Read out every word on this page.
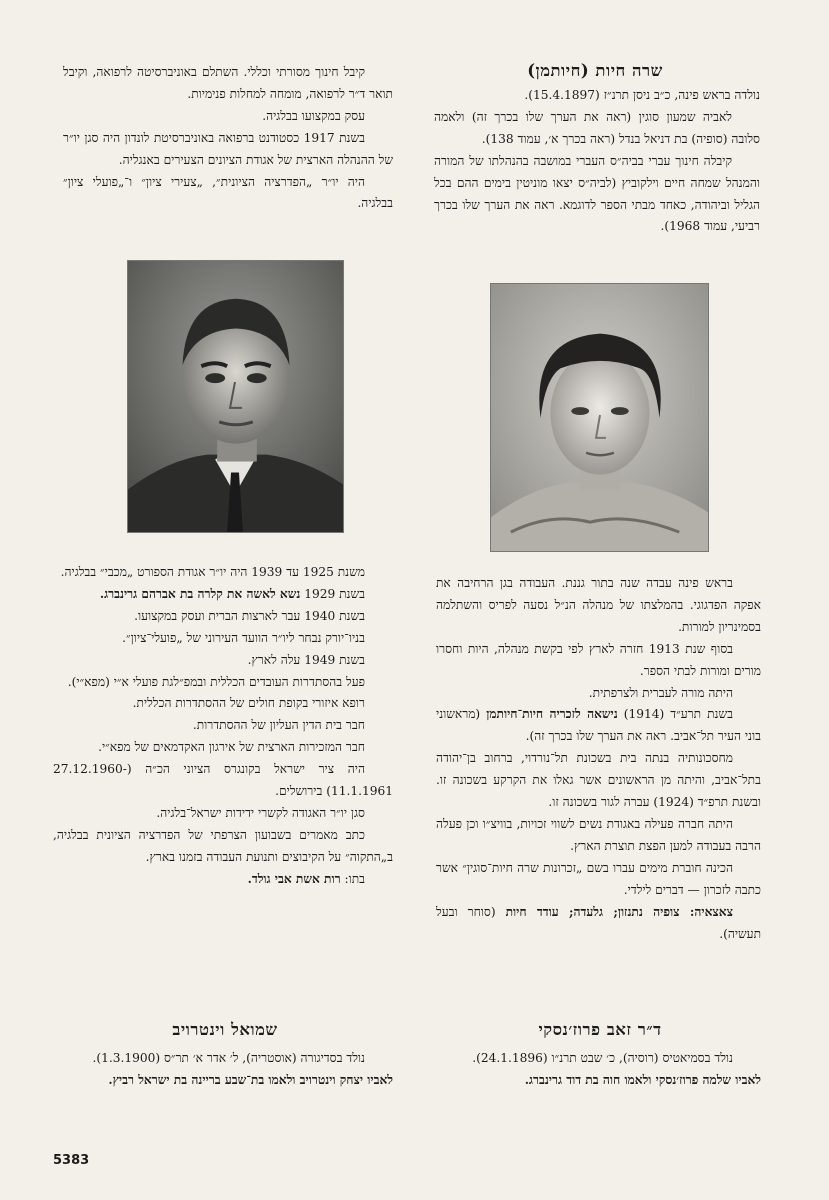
שרה חיות (חיותמן)

נולדה בראש פינה, כ״ב ניסן תרנ״ז (15.4.1897).

לאביה שמעון סוגין (ראה את הערך שלו בכרך זה) ולאמה סלובה (סופיה) בת דניאל בנדל (ראה בכרך א׳, עמוד 138).

קיבלה חינוך עברי בביה״ס העברי במושבה בהנהלתו של המורה והמנהל שמחה חיים וילקוביץ (לביה״ס יצאו מוניטין בימים ההם בכל הגליל וביהודה, כאחד מבתי הספר לדוגמא. ראה את הערך שלו בכרך רביעי, עמוד 1968).

קיבל חינוך מסורתי וכללי. השתלם באוניברסיטה לרפואה, וקיבל תואר ד״ר לרפואה, מומחה למחלות פנימיות.

עסק במקצועו בבלגיה.

בשנת 1917 כסטודנט ברפואה באוניברסיטת לונדון היה סגן יו״ר של ההנהלה הארצית של אגודת הציונים הצעירים באנגליה.

היה יו״ר „הפדרציה הציונית״, „צעירי ציון״ ו־„פועלי ציון״ בבלגיה.

בראש פינה עבדה שנה בתור גננת. העבודה בגן הרחיבה את אפקה הפדגוגי. בהמלצתו של מנהלה הנ״ל נסעה לפריס והשתלמה בסמינריון למורות.

בסוף שנת 1913 חזרה לארץ לפי בקשת מנהלה, היות וחסרו מורים ומורות לבתי הספר.

היתה מורה לעברית ולצרפתית.

בשנת תרע״ד (1914) נישאה לזכריה חיות־חיותמן (מראשוני בוני העיר תל־אביב. ראה את הערך שלו בכרך זה).

מחסכונותיה בנתה בית בשכונת תל־נורדוי, ברחוב בן־יהודה בתל־אביב, והיתה מן הראשונים אשר גאלו את הקרקע בשכונה זו. ובשנת תרפ״ד (1924) עברה לגור בשכונה זו.

היתה חברה פעילה באגודת נשים לשווי זכויות, בוויצ״ו וכן פעלה הרבה בעבודה למען הפצת תוצרת הארץ.

הכינה חוברת מימים עברו בשם „זכרונות שרה חיות־סוגין״ אשר כתבה לזכרון — דברים לילדי.

צאצאיה: צופיה נתנזון; גלעדה; עודד חיות (סוחר ובעל תעשיה).

משנת 1925 עד 1939 היה יו״ר אגודת הספורט „מכבי״ בבלגיה.

בשנת 1929 נשא לאשה את קלרה בת אברהם גרינברג.

בשנת 1940 עבר לארצות הברית ועסק במקצועו.

בניו־יורק נבחר ליו״ר הוועד העירוני של „פועלי־ציון״.

בשנת 1949 עלה לארץ.

פעל בהסתדרות העובדים הכללית ובמפ״לגת פועלי א״י (מפא״י).

רופא איזורי בקופת חולים של ההסתדרות הכללית.

חבר בית הדין העליון של ההסתדרות.

חבר המזכירות הארצית של אירגון האקדמאים של מפא״י.

היה ציר ישראל בקונגרס הציוני הכ״ה (27.12.1960-11.1.1961) בירושלים.

סגן יו״ר האגודה לקשרי ידידות ישראל־בלגיה.

כתב מאמרים בשבועון הצרפתי של הפדרציה הציונית בבלגיה, ב„התקוה״ על הקיבוצים ותנועת העבודה בזמנו בארץ.

בתו: רות אשת אבי גולד.

ד״ר זאב פרוז׳נסקי

נולד בסמיאטיס (רוסיה), כ׳ שבט תרנ״ו (24.1.1896).

לאביו שלמה פרוז׳נסקי ולאמו חוה בת דוד גרינברג.

שמואל וינטרויב

נולד בסדיגורה (אוסטריה), ל׳ אדר א׳ תר״ס (1.3.1900).

לאביו יצחק וינטרויב ולאמו בת־שבע בריינה בת ישראל רביץ.

5383
